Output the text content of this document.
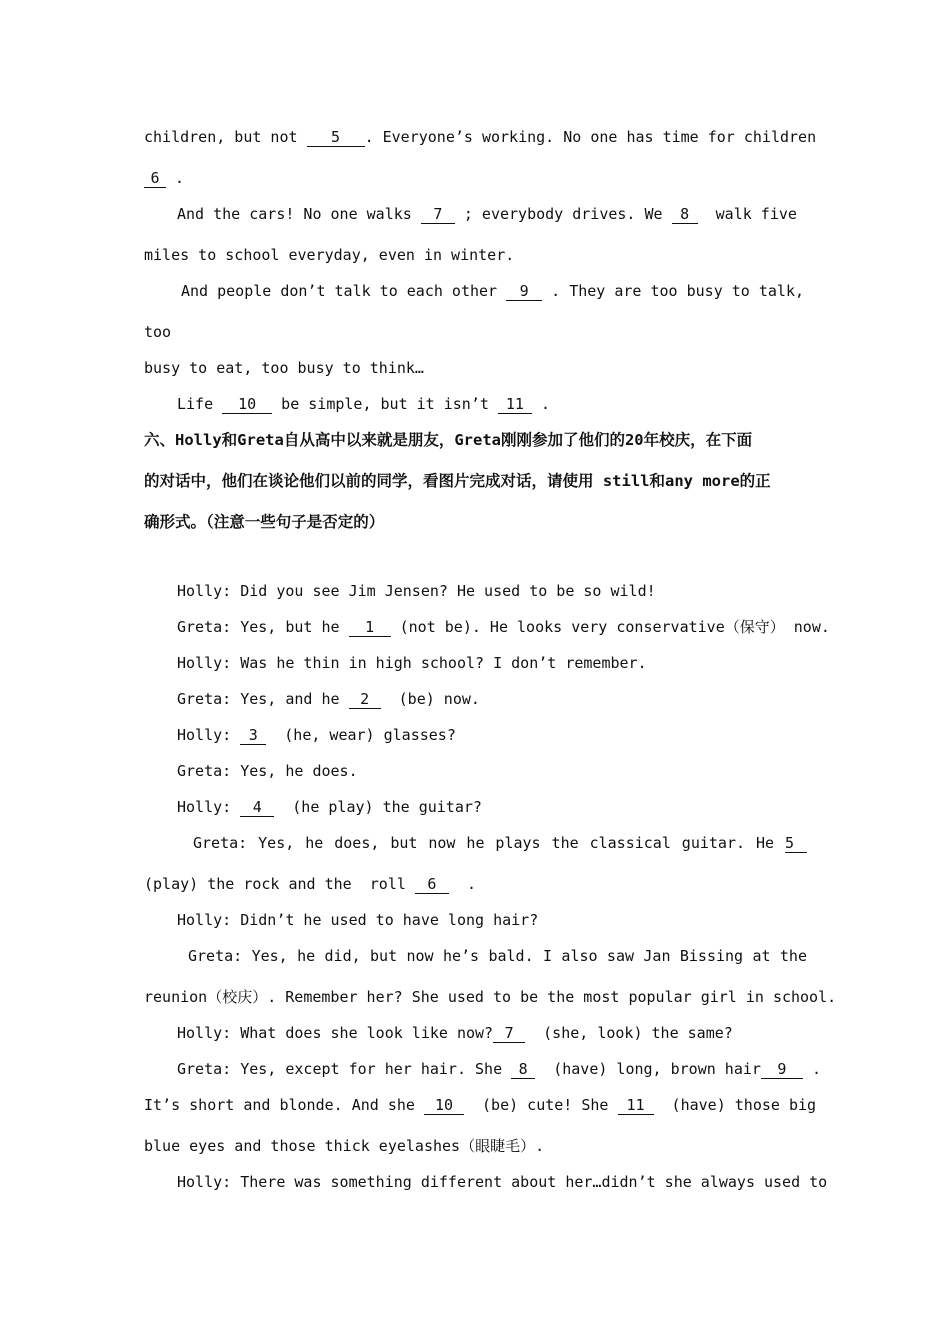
children, but not 5 . Everyone’s working. No one has time for children
6 .
And the cars! No one walks 7 ; everybody drives. We 8  walk five
miles to school everyday, even in winter.
And people don’t talk to each other 9 . They are too busy to talk,
too
busy to eat, too busy to think…
Life 10 be simple, but it isn’t 11 .
六、Holly和Greta自从高中以来就是朋友，Greta刚刚参加了他们的20年校庆，在下面
的对话中，他们在谈论他们以前的同学，看图片完成对话，请使用 still和any more的正
确形式。（注意一些句子是否定的）
Holly: Did you see Jim Jensen? He used to be so wild!
Greta: Yes, but he 1 (not be). He looks very conservative（保守） now.
Holly: Was he thin in high school? I don’t remember.
Greta: Yes, and he 2  (be) now.
Holly: 3  (he, wear) glasses?
Greta: Yes, he does.
Holly: 4  (he play) the guitar?
Greta: Yes, he does, but now he plays the classical guitar. He 5
(play) the rock and the  roll 6  .
Holly: Didn’t he used to have long hair?
Greta: Yes, he did, but now he’s bald. I also saw Jan Bissing at the
reunion（校庆）. Remember her? She used to be the most popular girl in school.
Holly: What does she look like now? 7  (she, look) the same?
Greta: Yes, except for her hair. She 8  (have) long, brown hair 9 .
It’s short and blonde. And she 10  (be) cute! She 11  (have) those big
blue eyes and those thick eyelashes（眼睫毛）.
Holly: There was something different about her…didn’t she always used to
